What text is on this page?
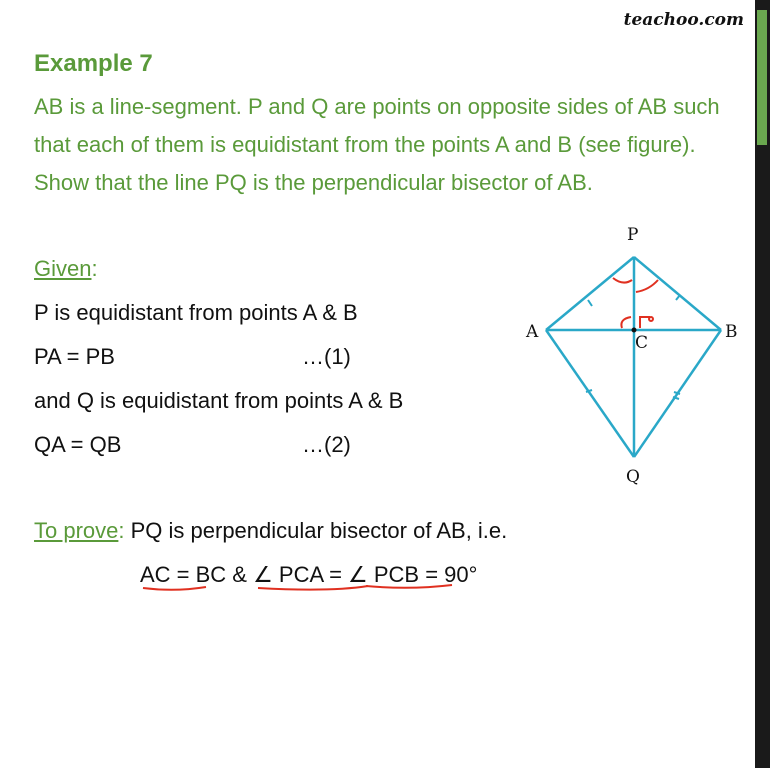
teachoo.com
Example 7
AB is a line-segment. P and Q are points on opposite sides of AB such that each of them is equidistant from the points A and B (see figure). Show that the line PQ is the perpendicular bisector of AB.
Given:
P is equidistant from points A & B
PA = PB	…(1)
and Q is equidistant from points A & B
QA = QB	…(2)
To prove: PQ is perpendicular bisector of AB, i.e.
AC = BC & ∠ PCA = ∠ PCB = 90°
P
A	B
C
Q
